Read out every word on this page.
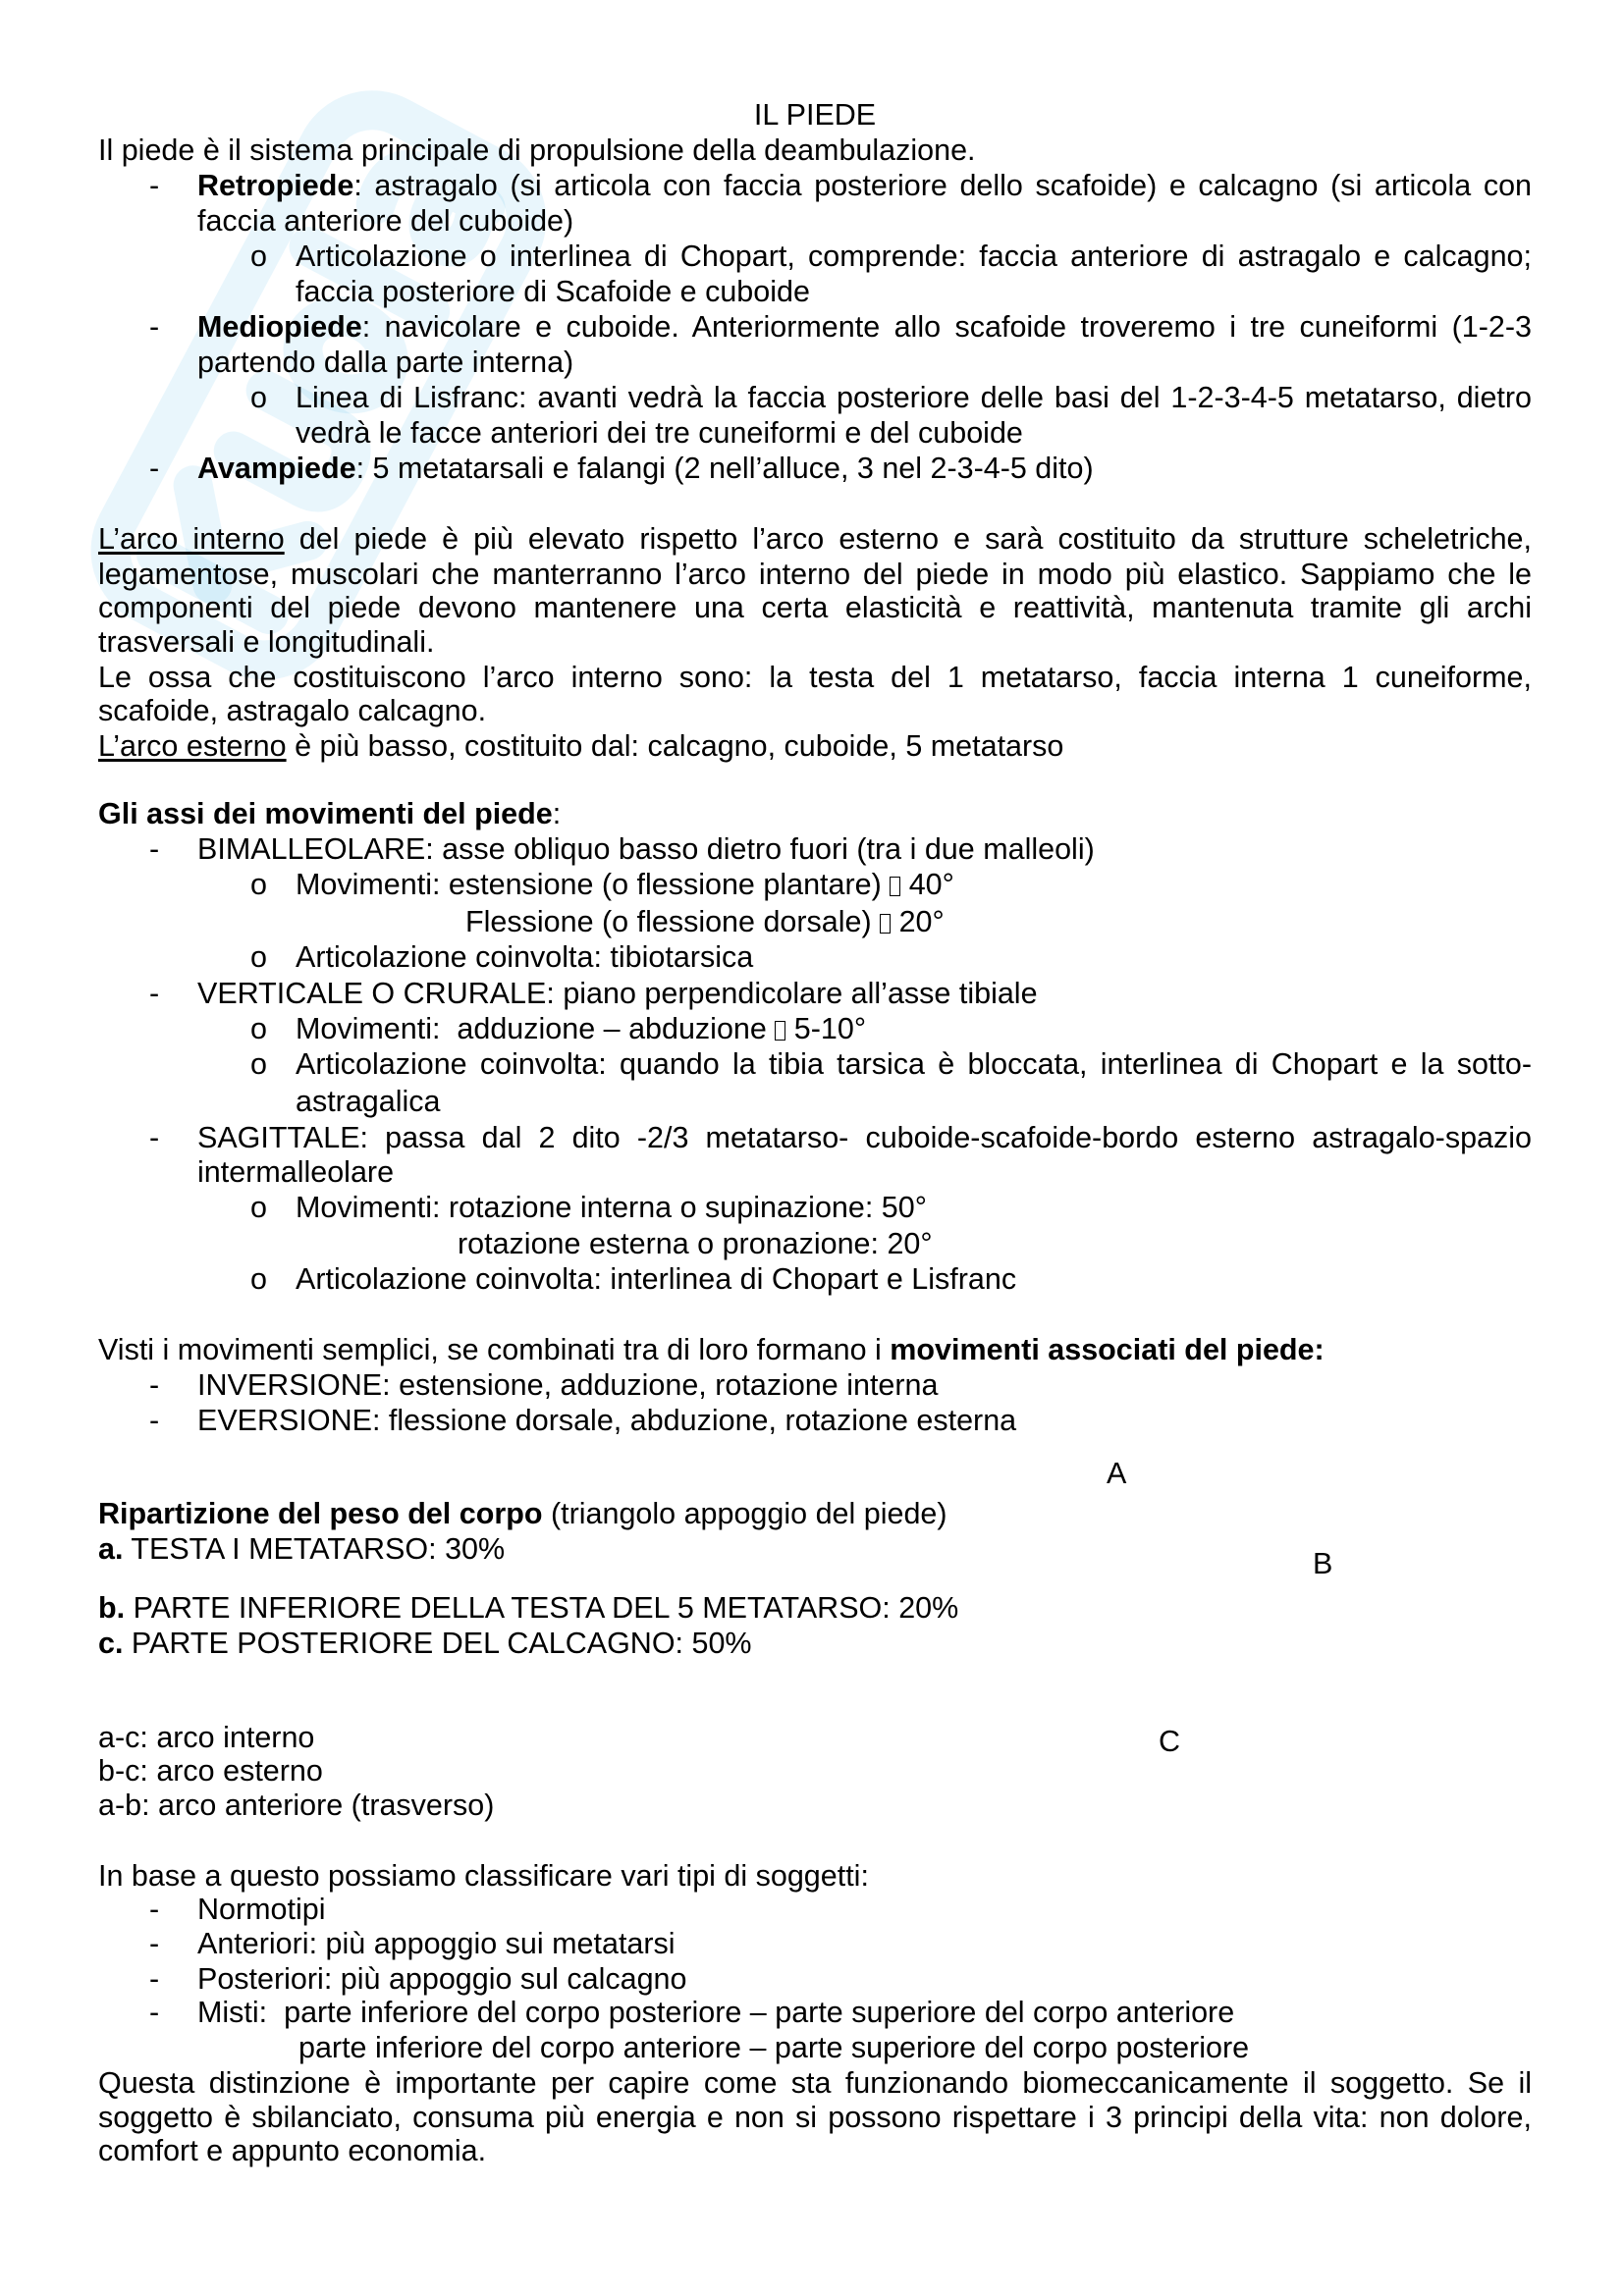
IL PIEDE
Il piede è il sistema principale di propulsione della deambulazione.
- Retropiede: astragalo (si articola con faccia posteriore dello scafoide) e calcagno (si articola con
faccia anteriore del cuboide)
o Articolazione o interlinea di Chopart, comprende: faccia anteriore di astragalo e calcagno;
faccia posteriore di Scafoide e cuboide
- Mediopiede: navicolare e cuboide. Anteriormente allo scafoide troveremo i tre cuneiformi (1-2-3
partendo dalla parte interna)
o Linea di Lisfranc: avanti vedrà la faccia posteriore delle basi del 1-2-3-4-5 metatarso, dietro
vedrà le facce anteriori dei tre cuneiformi e del cuboide
- Avampiede: 5 metatarsali e falangi (2 nell’alluce, 3 nel 2-3-4-5 dito)
L’arco interno del piede è più elevato rispetto l’arco esterno e sarà costituito da strutture scheletriche,
legamentose, muscolari che manterranno l’arco interno del piede in modo più elastico. Sappiamo che le
componenti del piede devono mantenere una certa elasticità e reattività, mantenuta tramite gli archi
trasversali e longitudinali.
Le ossa che costituiscono l’arco interno sono: la testa del 1 metatarso, faccia interna 1 cuneiforme,
scafoide, astragalo calcagno.
L’arco esterno è più basso, costituito dal: calcagno, cuboide, 5 metatarso
Gli assi dei movimenti del piede:
- BIMALLEOLARE: asse obliquo basso dietro fuori (tra i due malleoli)
o Movimenti: estensione (o flessione plantare)  40°
Flessione (o flessione dorsale)  20°
o Articolazione coinvolta: tibiotarsica
- VERTICALE O CRURALE: piano perpendicolare all’asse tibiale
o Movimenti:  adduzione – abduzione  5-10°
o Articolazione coinvolta: quando la tibia tarsica è bloccata, interlinea di Chopart e la sotto-
astragalica
- SAGITTALE: passa dal 2 dito -2/3 metatarso- cuboide-scafoide-bordo esterno astragalo-spazio
intermalleolare
o Movimenti: rotazione interna o supinazione: 50°
rotazione esterna o pronazione: 20°
o Articolazione coinvolta: interlinea di Chopart e Lisfranc
Visti i movimenti semplici, se combinati tra di loro formano i movimenti associati del piede:
- INVERSIONE: estensione, adduzione, rotazione interna
- EVERSIONE: flessione dorsale, abduzione, rotazione esterna
A
B
C
Ripartizione del peso del corpo (triangolo appoggio del piede)
a. TESTA I METATARSO: 30%
b. PARTE INFERIORE DELLA TESTA DEL 5 METATARSO: 20%
c. PARTE POSTERIORE DEL CALCAGNO: 50%
a-c: arco interno
b-c: arco esterno
a-b: arco anteriore (trasverso)
In base a questo possiamo classificare vari tipi di soggetti:
- Normotipi
- Anteriori: più appoggio sui metatarsi
- Posteriori: più appoggio sul calcagno
- Misti:  parte inferiore del corpo posteriore – parte superiore del corpo anteriore
parte inferiore del corpo anteriore – parte superiore del corpo posteriore
Questa distinzione è importante per capire come sta funzionando biomeccanicamente il soggetto. Se il
soggetto è sbilanciato, consuma più energia e non si possono rispettare i 3 principi della vita: non dolore,
comfort e appunto economia.
